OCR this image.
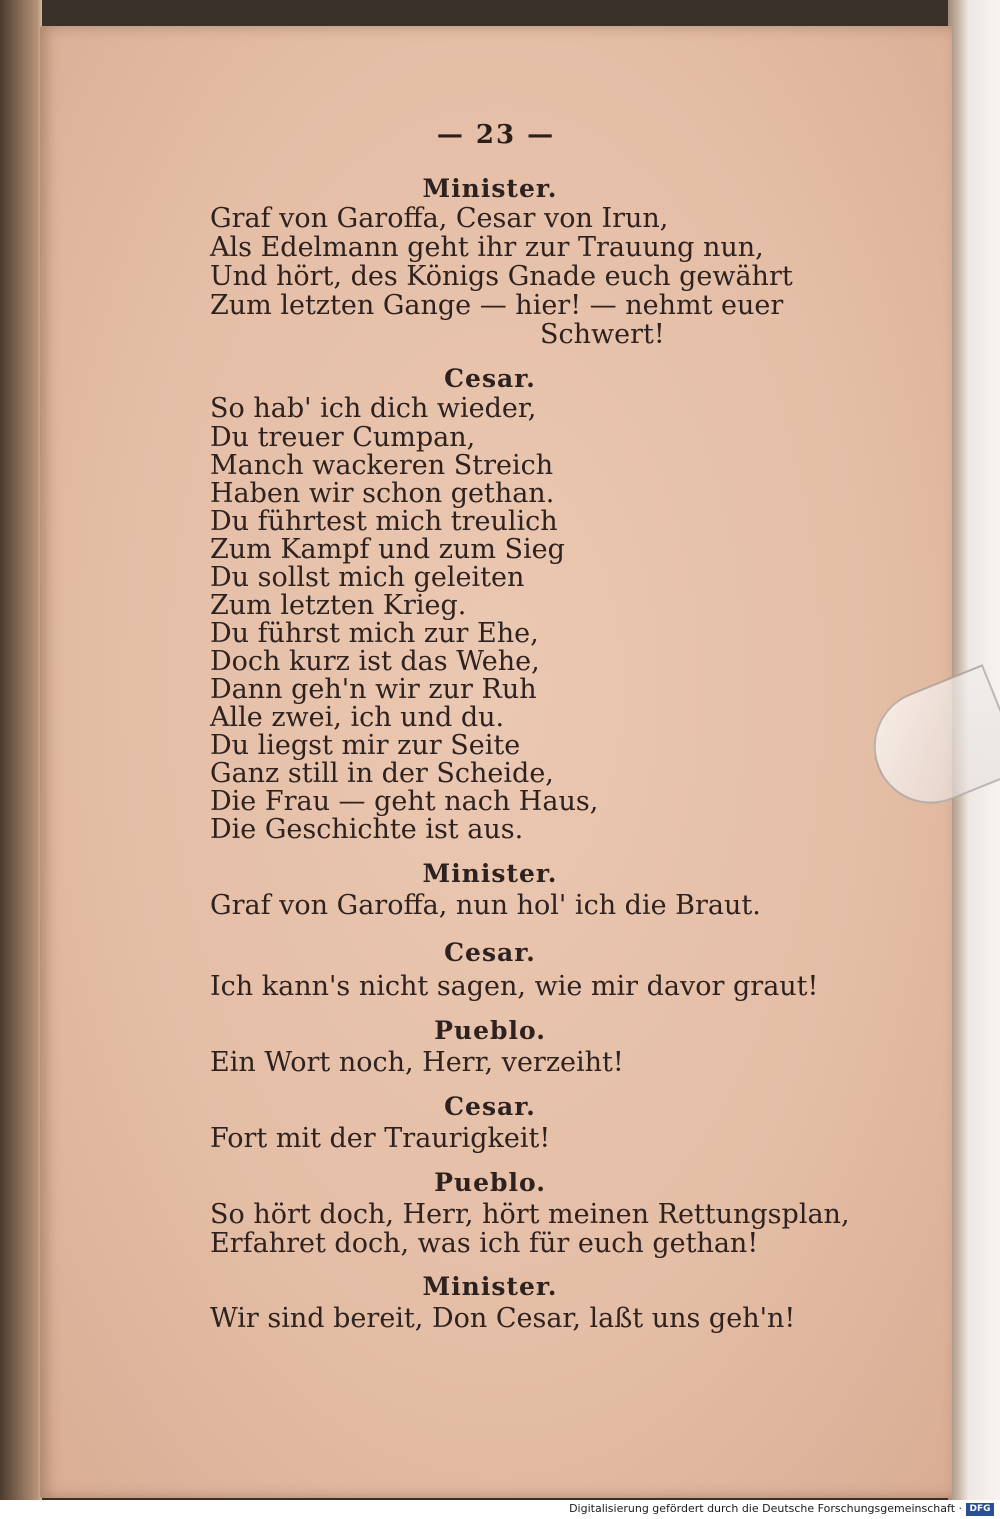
— 23 —
Minister.
Graf von Garoffa, Cesar von Irun,
Als Edelmann geht ihr zur Trauung nun,
Und hört, des Königs Gnade euch gewährt
Zum letzten Gange — hier! — nehmt euer
Schwert!
Cesar.
So hab' ich dich wieder,
Du treuer Cumpan,
Manch wackeren Streich
Haben wir schon gethan.
Du führtest mich treulich
Zum Kampf und zum Sieg
Du sollst mich geleiten
Zum letzten Krieg.
Du führst mich zur Ehe,
Doch kurz ist das Wehe,
Dann geh'n wir zur Ruh
Alle zwei, ich und du.
Du liegst mir zur Seite
Ganz still in der Scheide,
Die Frau — geht nach Haus,
Die Geschichte ist aus.
Minister.
Graf von Garoffa, nun hol' ich die Braut.
Cesar.
Ich kann's nicht sagen, wie mir davor graut!
Pueblo.
Ein Wort noch, Herr, verzeiht!
Cesar.
Fort mit der Traurigkeit!
Pueblo.
So hört doch, Herr, hört meinen Rettungsplan,
Erfahret doch, was ich für euch gethan!
Minister.
Wir sind bereit, Don Cesar, laßt uns geh'n!
Digitalisierung gefördert durch die Deutsche Forschungsgemeinschaft · DFG
